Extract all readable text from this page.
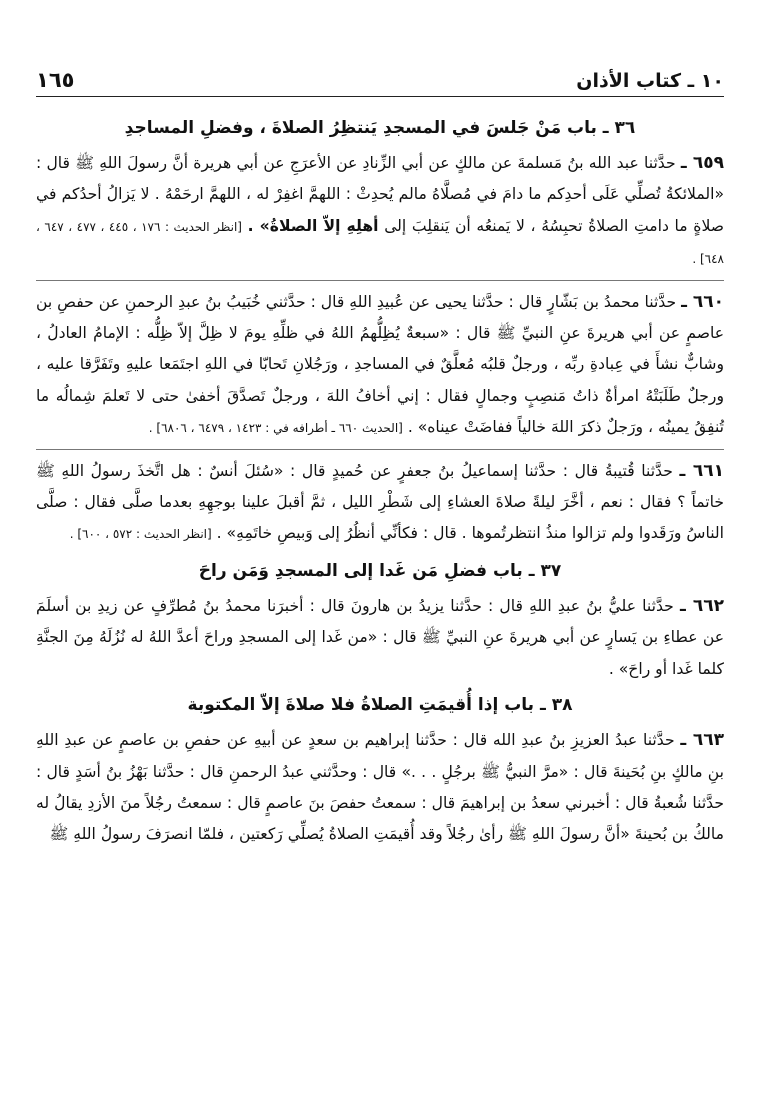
١٠ ـ كتاب الأذان
١٦٥
٣٦ ـ باب مَنْ جَلسَ في المسجدِ يَنتظِرُ الصلاةَ ، وفضلِ المساجدِ

٦٥٩ ـ حدَّثنا عبد الله بنُ مَسلمةَ عن مالكٍ عن أبي الزِّنادِ عن الأعرَجِ عن أبي هريرة أنَّ رسولَ اللهِ ﷺ قال : «الملائكةُ تُصلِّي عَلَى أحدِكم ما دامَ في مُصلَّاهُ مالم يُحدِثْ : اللهمَّ اغفِرْ له ، اللهمَّ ارحَمْهُ . لا يَزالُ أحدُكم في صلاةٍ ما دامتِ الصلاةُ تحبِسُهُ ، لا يَمنعُه أن يَنقلِبَ إلى أهلِهِ إلاّ الصلاةُ» . [انظر الحديث : ١٧٦ ، ٤٤٥ ، ٤٧٧ ، ٦٤٧ ، ٦٤٨] .

٦٦٠ ـ حدَّثنا محمدُ بن بَشّارٍ قال : حدَّثنا يحيى عن عُبيدِ اللهِ قال : حدَّثني خُبَيبُ بنُ عبدِ الرحمنِ عن حفصِ بن عاصمٍ عن أبي هريرةَ عنِ النبيِّ ﷺ قال : «سبعةٌ يُظِلُّهمُ اللهُ في ظلِّهِ يومَ لا ظِلَّ إلاّ ظِلُّه : الإمامُ العادلُ ، وشابٌّ نشأَ في عِبادةِ ربِّه ، ورجلٌ قلبُه مُعلَّقٌ في المساجدِ ، ورَجُلانِ تَحابّا في اللهِ اجتَمَعا عليهِ وتَفَرَّقا عليه ، ورجلٌ طَلَبَتْهُ امرأةٌ ذاتُ مَنصِبٍ وجمالٍ فقال : إني أخافُ اللهَ ، ورجلٌ تَصدَّقَ أخفىٰ حتى لا تَعلمَ شِمالُه ما تُنفِقُ يمينُه ، ورَجلٌ ذكرَ اللهَ خالياً ففاضَتْ عيناه» . [الحديث ٦٦٠ ـ أطرافه في : ١٤٢٣ ، ٦٤٧٩ ، ٦٨٠٦] .

٦٦١ ـ حدَّثنا قُتيبةُ قال : حدَّثنا إسماعيلُ بنُ جعفرٍ عن حُميدٍ قال : «سُئلَ أنسٌ : هل اتَّخذَ رسولُ اللهِ ﷺ خاتماً ؟ فقال : نعم ، أخَّرَ ليلةً صلاةَ العشاءِ إلى شَطْرِ الليل ، ثمَّ أقبلَ علينا بوجهِهِ بعدما صلَّى فقال : صلَّى الناسُ ورَقَدوا ولم تزالوا منذُ انتظرتُموها . قال : فكأنِّي أنظُرُ إلى وَبيصِ خاتَمِهِ» . [انظر الحديث : ٥٧٢ ، ٦٠٠] .

٣٧ ـ باب فضلِ مَن غَدا إلى المسجدِ وَمَن راحَ

٦٦٢ ـ حدَّثنا عليُّ بنُ عبدِ اللهِ قال : حدَّثنا يزيدُ بن هارونَ قال : أخبرَنا محمدُ بنُ مُطرِّفٍ عن زيدِ بن أسلَمَ عن عطاءِ بن يَسارٍ عن أبي هريرةَ عنِ النبيِّ ﷺ قال : «من غَدا إلى المسجدِ وراحَ أعدَّ اللهُ له نُزُلَهُ مِنَ الجنَّةِ كلما غَدا أو راحَ» .

٣٨ ـ باب إذا أُقيمَتِ الصلاةُ فلا صلاةَ إلاّ المكتوبة

٦٦٣ ـ حدَّثنا عبدُ العزيزِ بنُ عبدِ الله قال : حدَّثنا إبراهيم بن سعدٍ عن أبيهِ عن حفصِ بن عاصمٍ عن عبدِ اللهِ بنِ مالكٍ بنِ بُحَينةَ قال : «مرَّ النبيُّ ﷺ برجُلٍ . . .» قال : وحدَّثني عبدُ الرحمنِ قال : حدَّثنا بَهْزُ بنُ أسَدٍ قال : حدَّثنا شُعبةُ قال : أخبرني سعدُ بن إبراهيمَ قال : سمعتُ حفصَ بنَ عاصمٍ قال : سمعتُ رجُلاً منَ الأزدِ يقالُ له مالكُ بن بُحينةَ «أنَّ رسولَ اللهِ ﷺ رأىٰ رجُلاً وقد أُقيمَتِ الصلاةُ يُصلِّي رَكعتين ، فلمّا انصرَفَ رسولُ اللهِ ﷺ
